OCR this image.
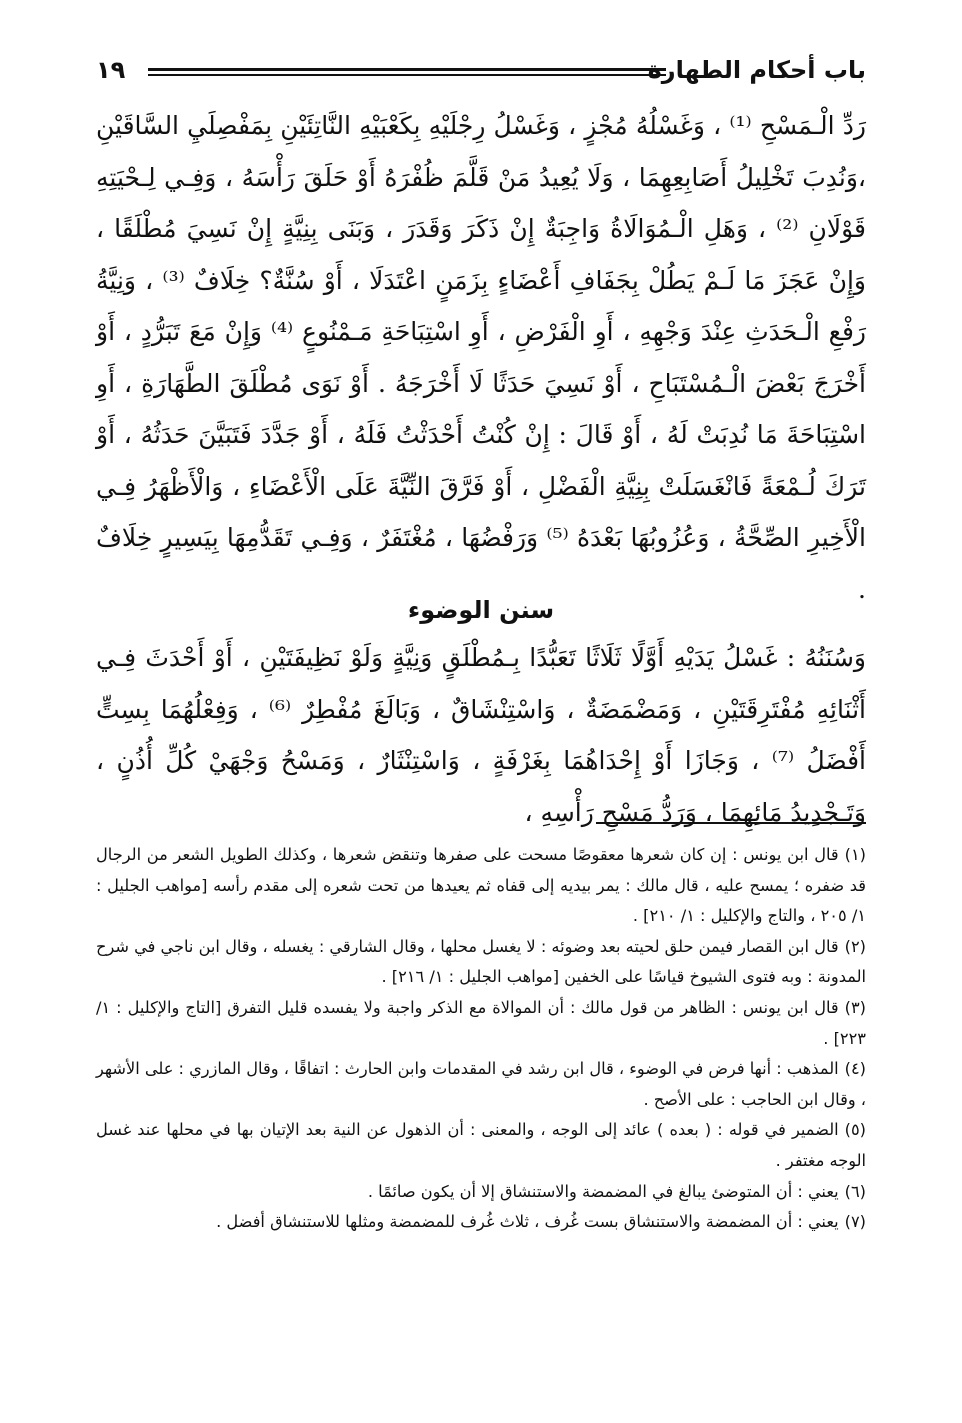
باب أحكام الطهارة
١٩

رَدِّ الْـمَسْحِ ⁽¹⁾ ، وَغَسْلُهُ مُجْزٍ ، وَغَسْلُ رِجْلَيْهِ بِكَعْبَيْهِ النَّاتِئَيْنِ بِمَفْصِلَيِ السَّاقَيْنِ ،وَنُدِبَ تَخْلِيلُ أَصَابِعِهِمَا ، وَلَا يُعِيدُ مَنْ قَلَّمَ ظُفْرَهُ أَوْ حَلَقَ رَأْسَهُ ، وَفِـي لِـحْيَتِهِ قَوْلَانِ ⁽²⁾ ، وَهَلِ الْـمُوَالَاةُ وَاجِبَةٌ إِنْ ذَكَرَ وَقَدَرَ ، وَبَنَى بِنِيَّةٍ إِنْ نَسِيَ مُطْلَقًا ، وَإِنْ عَجَزَ مَا لَـمْ يَطُلْ بِجَفَافِ أَعْضَاءٍ بِزَمَنٍ اعْتَدَلَا ، أَوْ سُنَّةٌ؟ خِلَافٌ ⁽³⁾ ، وَنِيَّةُ رَفْعِ الْـحَدَثِ عِنْدَ وَجْهِهِ ، أَوِ الْفَرْضِ ، أَوِ اسْتِبَاحَةِ مَـمْنُوعٍ ⁽⁴⁾ وَإِنْ مَعَ تَبَرُّدٍ ، أَوْ أَخْرَجَ بَعْضَ الْـمُسْتَبَاحِ ، أَوْ نَسِيَ حَدَثًا لَا أَخْرَجَهُ . أَوْ نَوَى مُطْلَقَ الطَّهَارَةِ ، أَوِ اسْتِبَاحَةَ مَا نُدِبَتْ لَهُ ، أَوْ قَالَ : إِنْ كُنْتُ أَحْدَثْتُ فَلَهُ ، أَوْ جَدَّدَ فَتَبَيَّنَ حَدَثُهُ ، أَوْ تَرَكَ لُـمْعَةً فَانْغَسَلَتْ بِنِيَّةِ الْفَضْلِ ، أَوْ فَرَّقَ النِّيَّةَ عَلَى الْأَعْضَاءِ ، وَالْأَظْهَرُ فِـي الْأَخِيرِ الصِّحَّةُ ، وَعُزُوبُهَا بَعْدَهُ ⁽⁵⁾ وَرَفْضُهَا ، مُغْتَفَرٌ ، وَفِـي تَقَدُّمِهَا بِيَسِيرٍ خِلَافٌ .

سنن الوضوء

وَسُنَنُهُ : غَسْلُ يَدَيْهِ أَوَّلًا ثَلَاثًا تَعَبُّدًا بِـمُطْلَقٍ وَنِيَّةٍ وَلَوْ نَظِيفَتَيْنِ ، أَوْ أَحْدَثَ فِـي أَثْنَائِهِ مُفْتَرِقَتَيْنِ ، وَمَضْمَضَةٌ ، وَاسْتِنْشَاقٌ ، وَبَالَغَ مُفْطِرٌ ⁽⁶⁾ ، وَفِعْلُهُمَا بِسِتٍّ أَفْضَلُ ⁽⁷⁾ ، وَجَازَا أَوْ إِحْدَاهُمَا بِغَرْفَةٍ ، وَاسْتِنْثَارٌ ، وَمَسْحُ وَجْهَيْ كُلِّ أُذُنٍ ، وَتَـجْدِيدُ مَائِهِمَا ، وَرَدُّ مَسْحِ رَأْسِهِ ،

(١)قال ابن يونس : إن كان شعرها معقوصًا مسحت على صفرها وتنقض شعرها ، وكذلك الطويل الشعر من الرجال قد ضفره ؛ يمسح عليه ، قال مالك : يمر بيديه إلى قفاه ثم يعيدها من تحت شعره إلى مقدم رأسه [مواهب الجليل : ١/ ٢٠٥ ، والتاج والإكليل : ١/ ٢١٠] .

(٢)قال ابن القصار فيمن حلق لحيته بعد وضوئه : لا يغسل محلها ، وقال الشارقي : يغسله ، وقال ابن ناجي في شرح المدونة : وبه فتوى الشيوخ قياسًا على الخفين [مواهب الجليل : ١/ ٢١٦] .

(٣)قال ابن يونس : الظاهر من قول مالك : أن الموالاة مع الذكر واجبة ولا يفسده قليل التفرق [التاج والإكليل : ١/ ٢٢٣] .

(٤)المذهب : أنها فرض في الوضوء ، قال ابن رشد في المقدمات وابن الحارث : اتفاقًا ، وقال المازري : على الأشهر ، وقال ابن الحاجب : على الأصح .

(٥)الضمير في قوله : ( بعده ) عائد إلى الوجه ، والمعنى : أن الذهول عن النية بعد الإتيان بها في محلها عند غسل الوجه مغتفر .

(٦)يعني : أن المتوضئ يبالغ في المضمضة والاستنشاق إلا أن يكون صائمًا .

(٧)يعني : أن المضمضة والاستنشاق بست غُرف ، ثلاث غُرف للمضمضة ومثلها للاستنشاق أفضل .
